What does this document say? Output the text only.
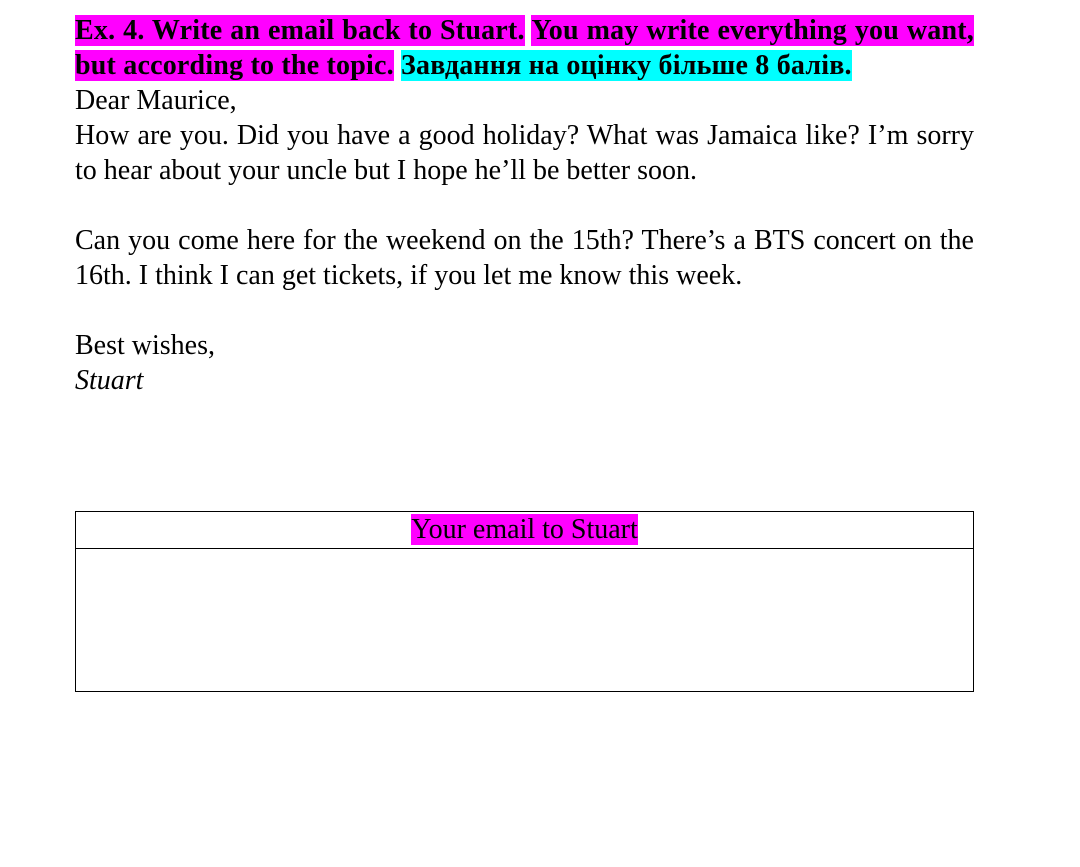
Ex. 4. Write an email back to Stuart. You may write everything you want, but according to the topic. Завдання на оцінку більше 8 балів.

Dear Maurice,

How are you. Did you have a good holiday? What was Jamaica like? I’m sorry to hear about your uncle but I hope he’ll be better soon.

Can you come here for the weekend on the 15th? There’s a BTS concert on the 16th. I think I can get tickets, if you let me know this week.

Best wishes,

Stuart

Your email to Stuart
